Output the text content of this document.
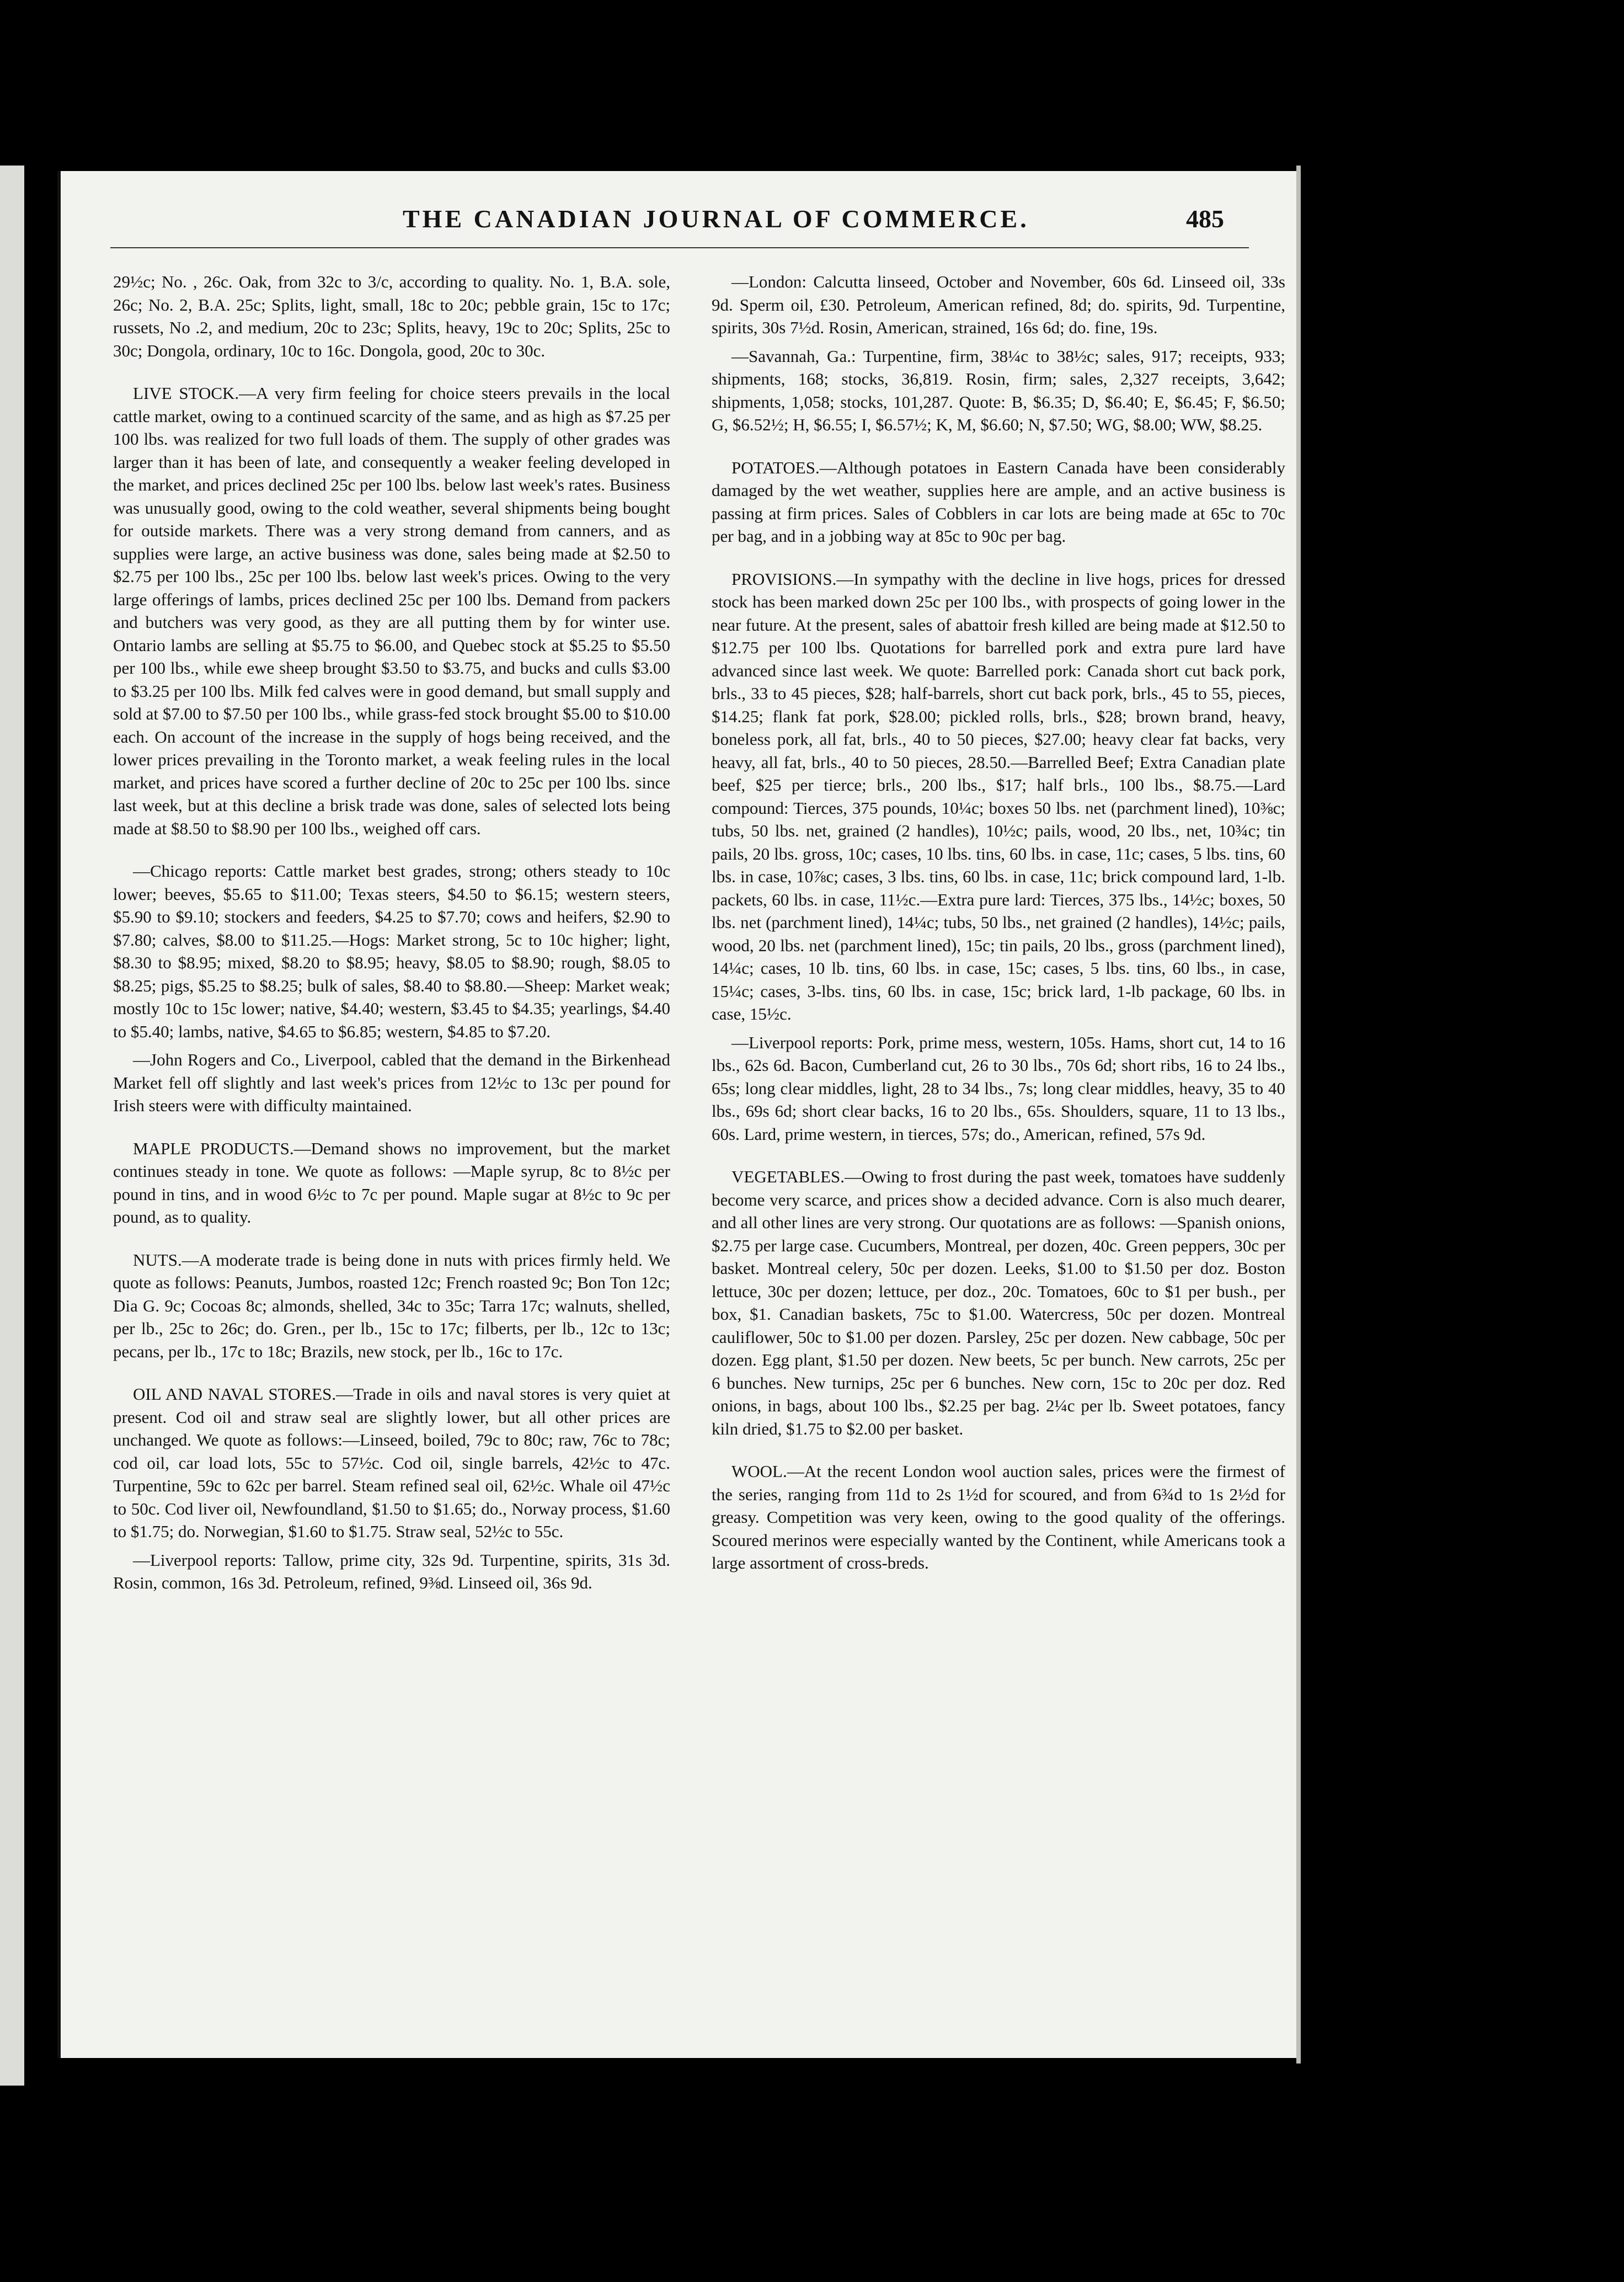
THE CANADIAN JOURNAL OF COMMERCE.	485

29½c; No. , 26c. Oak, from 32c to 3/c, according to quality. No. 1, B.A. sole, 26c; No. 2, B.A. 25c; Splits, light, small, 18c to 20c; pebble grain, 15c to 17c; russets, No .2, and medium, 20c to 23c; Splits, heavy, 19c to 20c; Splits, 25c to 30c; Dongola, ordinary, 10c to 16c. Dongola, good, 20c to 30c.

LIVE STOCK.—A very firm feeling for choice steers prevails in the local cattle market, owing to a continued scarcity of the same, and as high as $7.25 per 100 lbs. was realized for two full loads of them. The supply of other grades was larger than it has been of late, and consequently a weaker feeling developed in the market, and prices declined 25c per 100 lbs. below last week's rates. Business was unusually good, owing to the cold weather, several shipments being bought for outside markets. There was a very strong demand from canners, and as supplies were large, an active business was done, sales being made at $2.50 to $2.75 per 100 lbs., 25c per 100 lbs. below last week's prices. Owing to the very large offerings of lambs, prices declined 25c per 100 lbs. Demand from packers and butchers was very good, as they are all putting them by for winter use. Ontario lambs are selling at $5.75 to $6.00, and Quebec stock at $5.25 to $5.50 per 100 lbs., while ewe sheep brought $3.50 to $3.75, and bucks and culls $3.00 to $3.25 per 100 lbs. Milk fed calves were in good demand, but small supply and sold at $7.00 to $7.50 per 100 lbs., while grass-fed stock brought $5.00 to $10.00 each. On account of the increase in the supply of hogs being received, and the lower prices prevailing in the Toronto market, a weak feeling rules in the local market, and prices have scored a further decline of 20c to 25c per 100 lbs. since last week, but at this decline a brisk trade was done, sales of selected lots being made at $8.50 to $8.90 per 100 lbs., weighed off cars.

—Chicago reports: Cattle market best grades, strong; others steady to 10c lower; beeves, $5.65 to $11.00; Texas steers, $4.50 to $6.15; western steers, $5.90 to $9.10; stockers and feeders, $4.25 to $7.70; cows and heifers, $2.90 to $7.80; calves, $8.00 to $11.25.—Hogs: Market strong, 5c to 10c higher; light, $8.30 to $8.95; mixed, $8.20 to $8.95; heavy, $8.05 to $8.90; rough, $8.05 to $8.25; pigs, $5.25 to $8.25; bulk of sales, $8.40 to $8.80.—Sheep: Market weak; mostly 10c to 15c lower; native, $4.40; western, $3.45 to $4.35; yearlings, $4.40 to $5.40; lambs, native, $4.65 to $6.85; western, $4.85 to $7.20.

—John Rogers and Co., Liverpool, cabled that the demand in the Birkenhead Market fell off slightly and last week's prices from 12½c to 13c per pound for Irish steers were with difficulty maintained.

MAPLE PRODUCTS.—Demand shows no improvement, but the market continues steady in tone. We quote as follows: —Maple syrup, 8c to 8½c per pound in tins, and in wood 6½c to 7c per pound. Maple sugar at 8½c to 9c per pound, as to quality.

NUTS.—A moderate trade is being done in nuts with prices firmly held. We quote as follows: Peanuts, Jumbos, roasted 12c; French roasted 9c; Bon Ton 12c; Dia G. 9c; Cocoas 8c; almonds, shelled, 34c to 35c; Tarra 17c; walnuts, shelled, per lb., 25c to 26c; do. Gren., per lb., 15c to 17c; filberts, per lb., 12c to 13c; pecans, per lb., 17c to 18c; Brazils, new stock, per lb., 16c to 17c.

OIL AND NAVAL STORES.—Trade in oils and naval stores is very quiet at present. Cod oil and straw seal are slightly lower, but all other prices are unchanged. We quote as follows:—Linseed, boiled, 79c to 80c; raw, 76c to 78c; cod oil, car load lots, 55c to 57½c. Cod oil, single barrels, 42½c to 47c. Turpentine, 59c to 62c per barrel. Steam refined seal oil, 62½c. Whale oil 47½c to 50c. Cod liver oil, Newfoundland, $1.50 to $1.65; do., Norway process, $1.60 to $1.75; do. Norwegian, $1.60 to $1.75. Straw seal, 52½c to 55c.

—Liverpool reports: Tallow, prime city, 32s 9d. Turpentine, spirits, 31s 3d. Rosin, common, 16s 3d. Petroleum, refined, 9⅜d. Linseed oil, 36s 9d.

—London: Calcutta linseed, October and November, 60s 6d. Linseed oil, 33s 9d. Sperm oil, £30. Petroleum, American refined, 8d; do. spirits, 9d. Turpentine, spirits, 30s 7½d. Rosin, American, strained, 16s 6d; do. fine, 19s.

—Savannah, Ga.: Turpentine, firm, 38¼c to 38½c; sales, 917; receipts, 933; shipments, 168; stocks, 36,819. Rosin, firm; sales, 2,327 receipts, 3,642; shipments, 1,058; stocks, 101,287. Quote: B, $6.35; D, $6.40; E, $6.45; F, $6.50; G, $6.52½; H, $6.55; I, $6.57½; K, M, $6.60; N, $7.50; WG, $8.00; WW, $8.25.

POTATOES.—Although potatoes in Eastern Canada have been considerably damaged by the wet weather, supplies here are ample, and an active business is passing at firm prices. Sales of Cobblers in car lots are being made at 65c to 70c per bag, and in a jobbing way at 85c to 90c per bag.

PROVISIONS.—In sympathy with the decline in live hogs, prices for dressed stock has been marked down 25c per 100 lbs., with prospects of going lower in the near future. At the present, sales of abattoir fresh killed are being made at $12.50 to $12.75 per 100 lbs. Quotations for barrelled pork and extra pure lard have advanced since last week. We quote: Barrelled pork: Canada short cut back pork, brls., 33 to 45 pieces, $28; half-barrels, short cut back pork, brls., 45 to 55, pieces, $14.25; flank fat pork, $28.00; pickled rolls, brls., $28; brown brand, heavy, boneless pork, all fat, brls., 40 to 50 pieces, $27.00; heavy clear fat backs, very heavy, all fat, brls., 40 to 50 pieces, 28.50.—Barrelled Beef; Extra Canadian plate beef, $25 per tierce; brls., 200 lbs., $17; half brls., 100 lbs., $8.75.—Lard compound: Tierces, 375 pounds, 10¼c; boxes 50 lbs. net (parchment lined), 10⅜c; tubs, 50 lbs. net, grained (2 handles), 10½c; pails, wood, 20 lbs., net, 10¾c; tin pails, 20 lbs. gross, 10c; cases, 10 lbs. tins, 60 lbs. in case, 11c; cases, 5 lbs. tins, 60 lbs. in case, 10⅞c; cases, 3 lbs. tins, 60 lbs. in case, 11c; brick compound lard, 1-lb. packets, 60 lbs. in case, 11½c.—Extra pure lard: Tierces, 375 lbs., 14½c; boxes, 50 lbs. net (parchment lined), 14¼c; tubs, 50 lbs., net grained (2 handles), 14½c; pails, wood, 20 lbs. net (parchment lined), 15c; tin pails, 20 lbs., gross (parchment lined), 14¼c; cases, 10 lb. tins, 60 lbs. in case, 15c; cases, 5 lbs. tins, 60 lbs., in case, 15¼c; cases, 3-lbs. tins, 60 lbs. in case, 15c; brick lard, 1-lb package, 60 lbs. in case, 15½c.

—Liverpool reports: Pork, prime mess, western, 105s. Hams, short cut, 14 to 16 lbs., 62s 6d. Bacon, Cumberland cut, 26 to 30 lbs., 70s 6d; short ribs, 16 to 24 lbs., 65s; long clear middles, light, 28 to 34 lbs., 7s; long clear middles, heavy, 35 to 40 lbs., 69s 6d; short clear backs, 16 to 20 lbs., 65s. Shoulders, square, 11 to 13 lbs., 60s. Lard, prime western, in tierces, 57s; do., American, refined, 57s 9d.

VEGETABLES.—Owing to frost during the past week, tomatoes have suddenly become very scarce, and prices show a decided advance. Corn is also much dearer, and all other lines are very strong. Our quotations are as follows: —Spanish onions, $2.75 per large case. Cucumbers, Montreal, per dozen, 40c. Green peppers, 30c per basket. Montreal celery, 50c per dozen. Leeks, $1.00 to $1.50 per doz. Boston lettuce, 30c per dozen; lettuce, per doz., 20c. Tomatoes, 60c to $1 per bush., per box, $1. Canadian baskets, 75c to $1.00. Watercress, 50c per dozen. Montreal cauliflower, 50c to $1.00 per dozen. Parsley, 25c per dozen. New cabbage, 50c per dozen. Egg plant, $1.50 per dozen. New beets, 5c per bunch. New carrots, 25c per 6 bunches. New turnips, 25c per 6 bunches. New corn, 15c to 20c per doz. Red onions, in bags, about 100 lbs., $2.25 per bag. 2¼c per lb. Sweet potatoes, fancy kiln dried, $1.75 to $2.00 per basket.

WOOL.—At the recent London wool auction sales, prices were the firmest of the series, ranging from 11d to 2s 1½d for scoured, and from 6¾d to 1s 2½d for greasy. Competition was very keen, owing to the good quality of the offerings. Scoured merinos were especially wanted by the Continent, while Americans took a large assortment of cross-breds.
